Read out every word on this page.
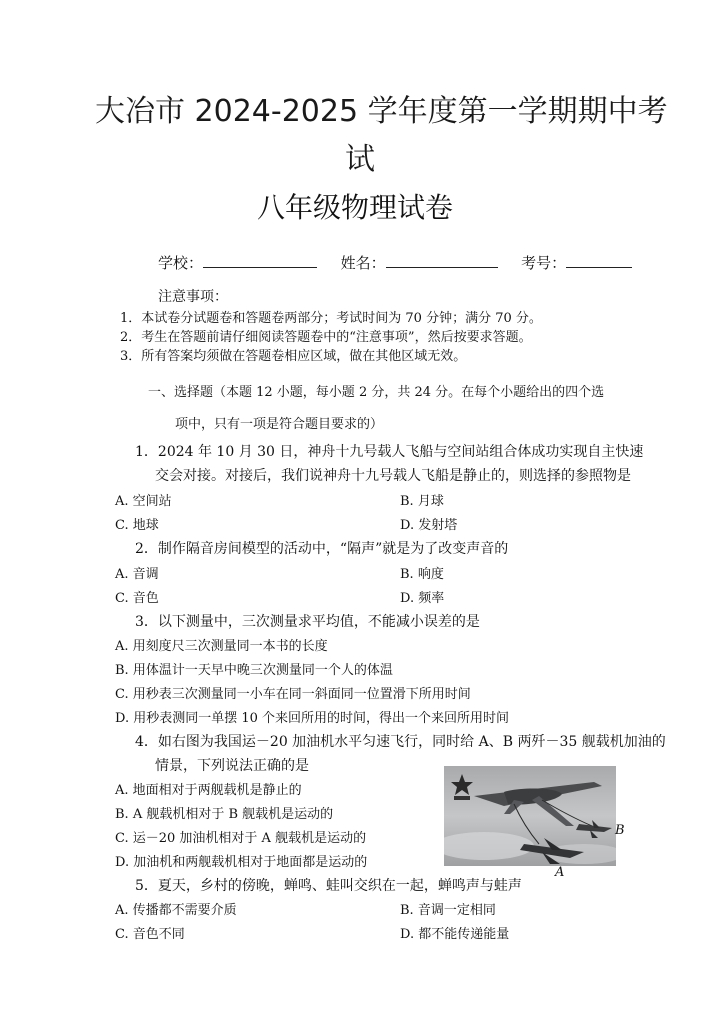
大冶市 2024-2025 学年度第一学期期中考
试
八年级物理试卷
学校：	姓名：	考号：
注意事项：
1．本试卷分试题卷和答题卷两部分；考试时间为 70 分钟；满分 70 分。
2．考生在答题前请仔细阅读答题卷中的“注意事项”，然后按要求答题。
3．所有答案均须做在答题卷相应区域，做在其他区域无效。
一、选择题（本题 12 小题，每小题 2 分，共 24 分。在每个小题给出的四个选
项中，只有一项是符合题目要求的）
1．2024 年 10 月 30 日，神舟十九号载人飞船与空间站组合体成功实现自主快速
交会对接。对接后，我们说神舟十九号载人飞船是静止的，则选择的参照物是
A. 空间站	B. 月球
C. 地球	D. 发射塔
2．制作隔音房间模型的活动中，“隔声”就是为了改变声音的
A. 音调	B. 响度
C. 音色	D. 频率
3．以下测量中，三次测量求平均值，不能减小误差的是
A. 用刻度尺三次测量同一本书的长度
B. 用体温计一天早中晚三次测量同一个人的体温
C. 用秒表三次测量同一小车在同一斜面同一位置滑下所用时间
D. 用秒表测同一单摆 10 个来回所用的时间，得出一个来回所用时间
4．如右图为我国运－20 加油机水平匀速飞行，同时给 A、B 两歼－35 舰载机加油的
情景，下列说法正确的是
A. 地面相对于两舰载机是静止的
B. A 舰载机相对于 B 舰载机是运动的
C. 运－20 加油机相对于 A 舰载机是运动的
D. 加油机和两舰载机相对于地面都是运动的
B
A
5．夏天，乡村的傍晚，蝉鸣、蛙叫交织在一起，蝉鸣声与蛙声
A. 传播都不需要介质	B. 音调一定相同
C. 音色不同	D. 都不能传递能量
